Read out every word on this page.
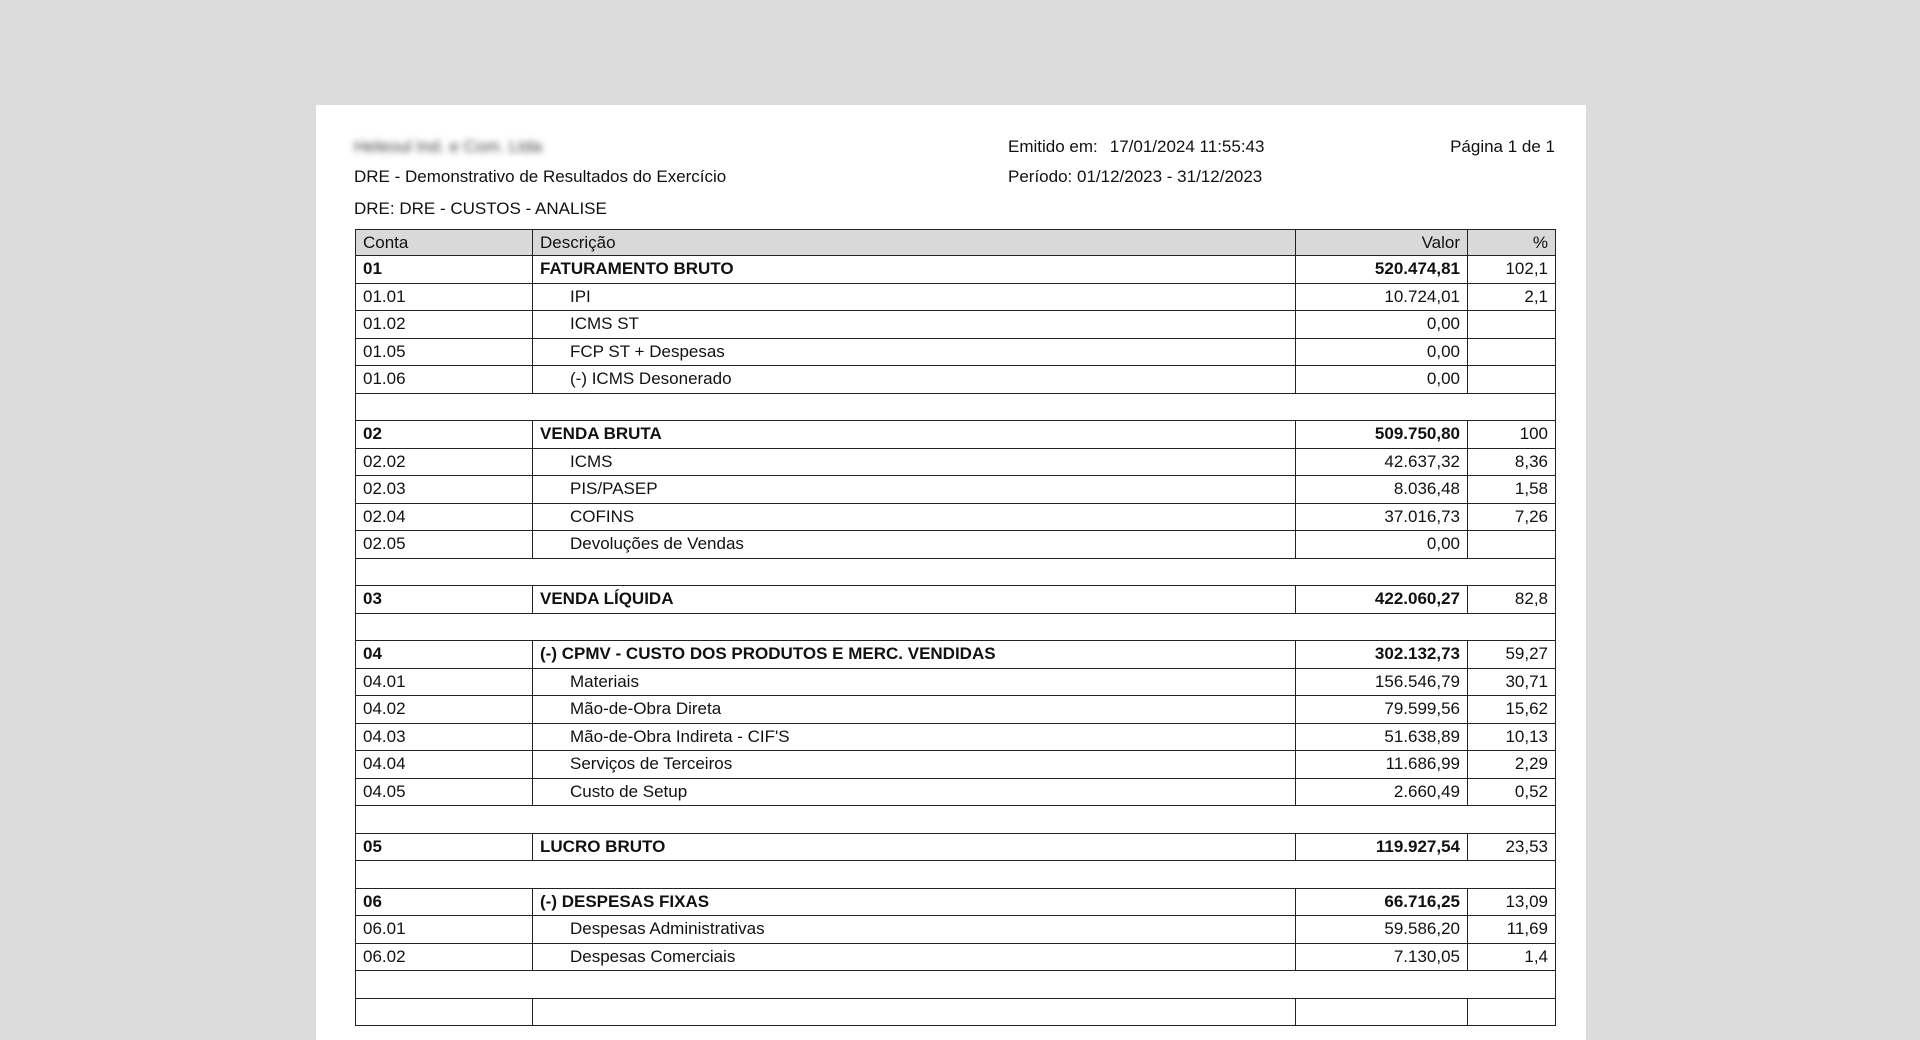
Heleoul Ind. e Com. Ltda
DRE - Demonstrativo de Resultados do Exercício
DRE: DRE - CUSTOS - ANALISE
Emitido em: 17/01/2024 11:55:43
Período: 01/12/2023 - 31/12/2023
Página 1 de 1
Conta	Descrição	Valor	%
01	FATURAMENTO BRUTO	520.474,81	102,1
01.01	IPI	10.724,01	2,1
01.02	ICMS ST	0,00	
01.05	FCP ST + Despesas	0,00	
01.06	(-) ICMS Desonerado	0,00	

02	VENDA BRUTA	509.750,80	100
02.02	ICMS	42.637,32	8,36
02.03	PIS/PASEP	8.036,48	1,58
02.04	COFINS	37.016,73	7,26
02.05	Devoluções de Vendas	0,00	

03	VENDA LÍQUIDA	422.060,27	82,8

04	(-) CPMV - CUSTO DOS PRODUTOS E MERC. VENDIDAS	302.132,73	59,27
04.01	Materiais	156.546,79	30,71
04.02	Mão-de-Obra Direta	79.599,56	15,62
04.03	Mão-de-Obra Indireta - CIF'S	51.638,89	10,13
04.04	Serviços de Terceiros	11.686,99	2,29
04.05	Custo de Setup	2.660,49	0,52

05	LUCRO BRUTO	119.927,54	23,53

06	(-) DESPESAS FIXAS	66.716,25	13,09
06.01	Despesas Administrativas	59.586,20	11,69
06.02	Despesas Comerciais	7.130,05	1,4
